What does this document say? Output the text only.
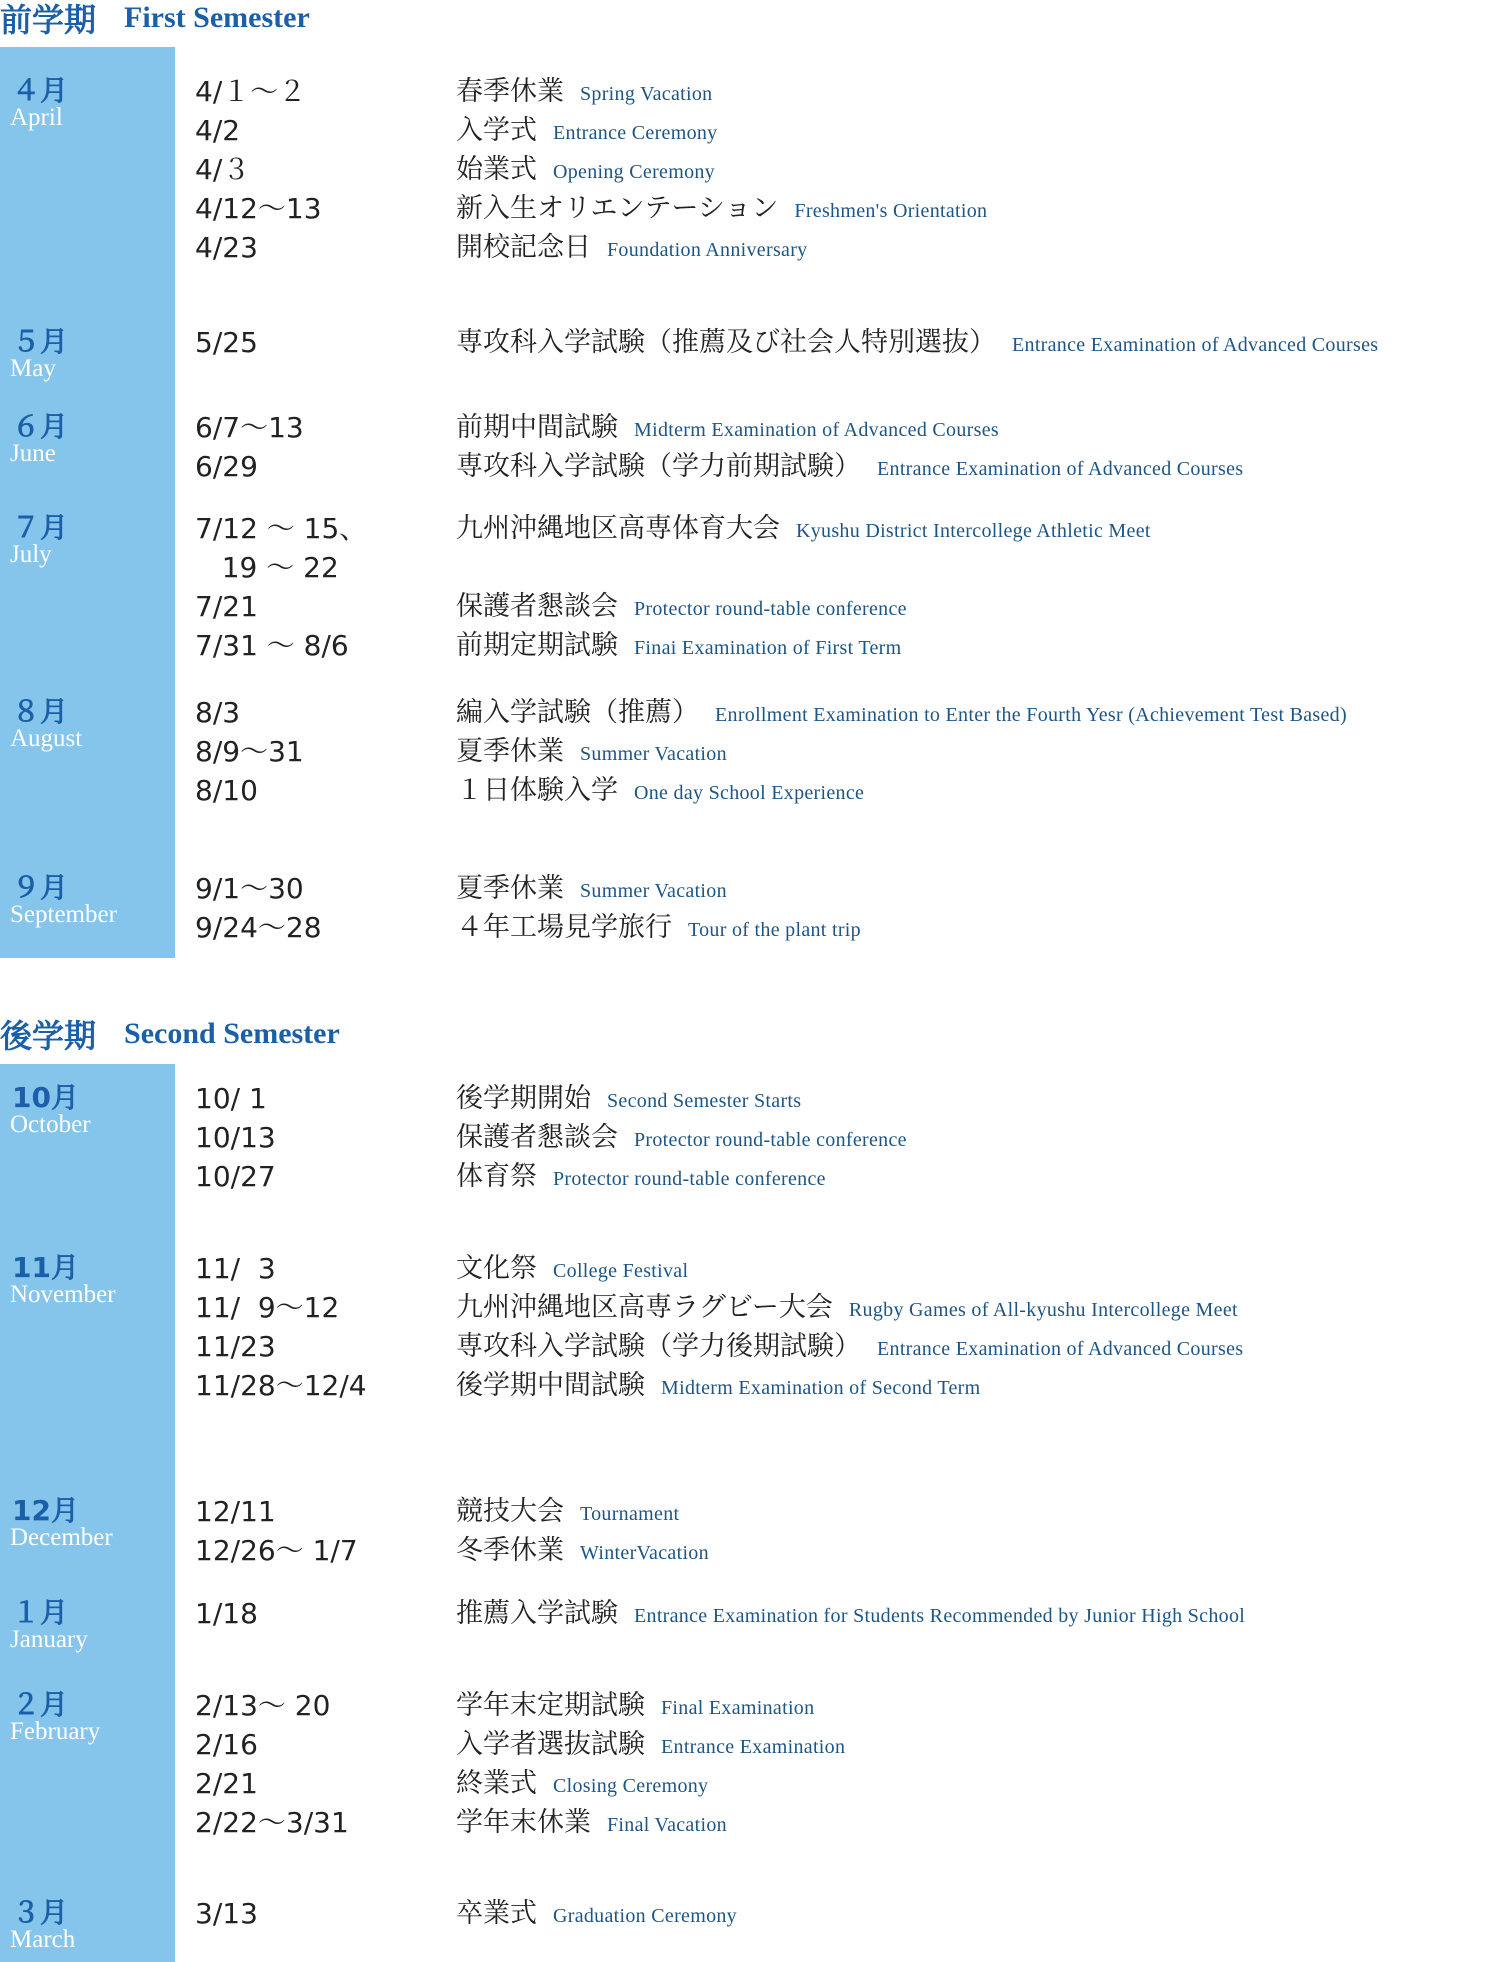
前学期 First Semester
後学期 Second Semester
４月
April
4/１～２	春季休業 Spring Vacation
4/2	入学式 Entrance Ceremony
4/３	始業式 Opening Ceremony
4/12～13	新入生オリエンテーション Freshmen's Orientation
4/23	開校記念日 Foundation Anniversary
５月
May
5/25	専攻科入学試験（推薦及び社会人特別選抜） Entrance Examination of Advanced Courses
６月
June
6/7～13	前期中間試験 Midterm Examination of Advanced Courses
6/29	専攻科入学試験（学力前期試験） Entrance Examination of Advanced Courses
７月
July
7/12 ～ 15、	九州沖縄地区高専体育大会 Kyushu District Intercollege Athletic Meet
19 ～ 22
7/21	保護者懇談会 Protector round-table conference
7/31 ～ 8/6	前期定期試験 Finai Examination of First Term
８月
August
8/3	編入学試験（推薦） Enrollment Examination to Enter the Fourth Yesr (Achievement Test Based)
8/9～31	夏季休業 Summer Vacation
8/10	１日体験入学 One day School Experience
９月
September
9/1～30	夏季休業 Summer Vacation
9/24～28	４年工場見学旅行 Tour of the plant trip
10月
October
10/ 1	後学期開始 Second Semester Starts
10/13	保護者懇談会 Protector round-table conference
10/27	体育祭 Protector round-table conference
11月
November
11/  3	文化祭 College Festival
11/  9～12	九州沖縄地区高専ラグビー大会 Rugby Games of All-kyushu Intercollege Meet
11/23	専攻科入学試験（学力後期試験） Entrance Examination of Advanced Courses
11/28～12/4	後学期中間試験 Midterm Examination of Second Term
12月
December
12/11	競技大会 Tournament
12/26～ 1/7	冬季休業 WinterVacation
１月
January
1/18	推薦入学試験 Entrance Examination for Students Recommended by Junior High School
２月
February
2/13～ 20	学年末定期試験 Final Examination
2/16	入学者選抜試験 Entrance Examination
2/21	終業式 Closing Ceremony
2/22～3/31	学年末休業 Final Vacation
３月
March
3/13	卒業式 Graduation Ceremony
